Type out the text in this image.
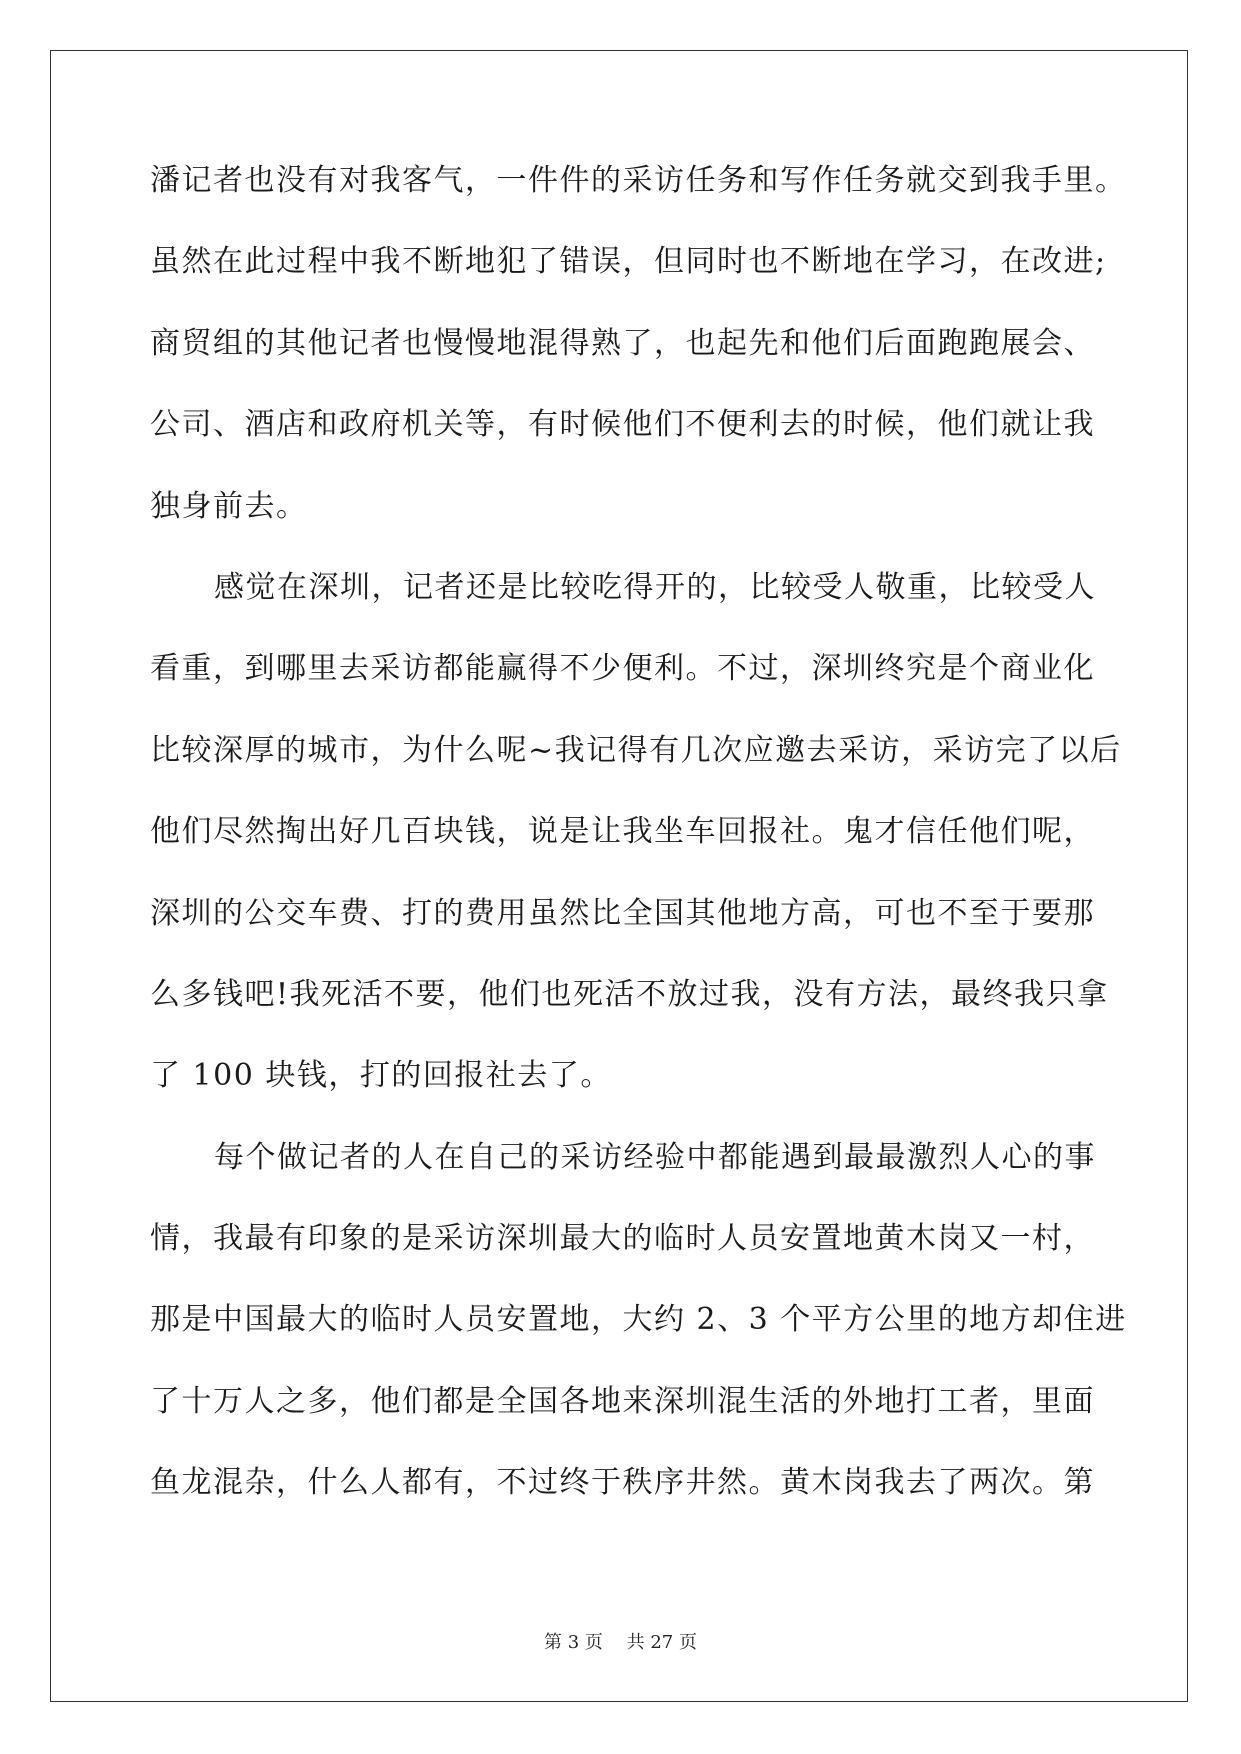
潘记者也没有对我客气，一件件的采访任务和写作任务就交到我手里。
虽然在此过程中我不断地犯了错误，但同时也不断地在学习，在改进;
商贸组的其他记者也慢慢地混得熟了，也起先和他们后面跑跑展会、
公司、酒店和政府机关等，有时候他们不便利去的时候，他们就让我
独身前去。
感觉在深圳，记者还是比较吃得开的，比较受人敬重，比较受人
看重，到哪里去采访都能赢得不少便利。不过，深圳终究是个商业化
比较深厚的城市，为什么呢~我记得有几次应邀去采访，采访完了以后
他们尽然掏出好几百块钱，说是让我坐车回报社。鬼才信任他们呢，
深圳的公交车费、打的费用虽然比全国其他地方高，可也不至于要那
么多钱吧!我死活不要，他们也死活不放过我，没有方法，最终我只拿
了 100 块钱，打的回报社去了。
每个做记者的人在自己的采访经验中都能遇到最最激烈人心的事
情，我最有印象的是采访深圳最大的临时人员安置地黄木岗又一村，
那是中国最大的临时人员安置地，大约 2、3 个平方公里的地方却住进
了十万人之多，他们都是全国各地来深圳混生活的外地打工者，里面
鱼龙混杂，什么人都有，不过终于秩序井然。黄木岗我去了两次。第
第 3 页　 共 27 页
